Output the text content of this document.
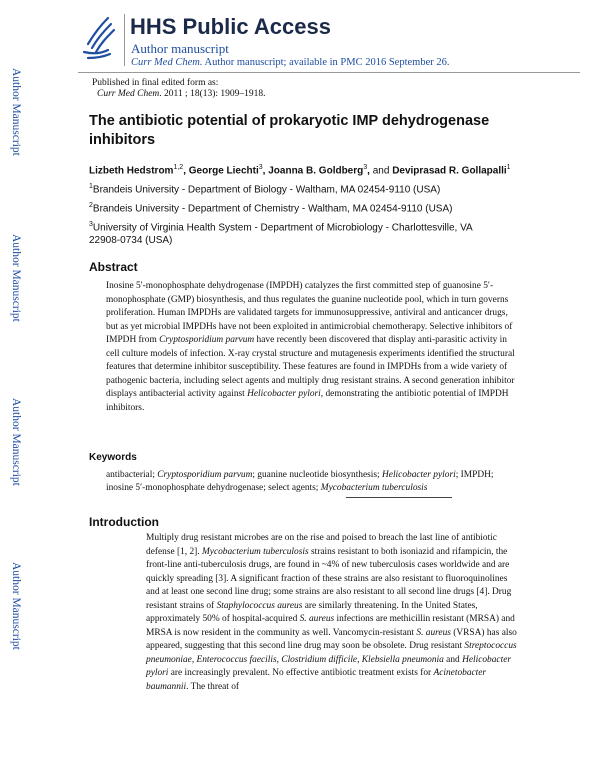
HHS Public Access
Author manuscript
Curr Med Chem. Author manuscript; available in PMC 2016 September 26.
Published in final edited form as:
Curr Med Chem. 2011 ; 18(13): 1909–1918.
Author Manuscript
Author Manuscript
Author Manuscript
Author Manuscript
The antibiotic potential of prokaryotic IMP dehydrogenase inhibitors
Lizbeth Hedstrom$^{1,2}$, George Liechti$^3$, Joanna B. Goldberg$^3$, and Deviprasad R. Gollapalli$^1$
$^1$Brandeis University - Department of Biology - Waltham, MA 02454-9110 (USA)
$^2$Brandeis University - Department of Chemistry - Waltham, MA 02454-9110 (USA)
$^3$University of Virginia Health System - Department of Microbiology - Charlottesville, VA 22908-0734 (USA)
Abstract

Inosine 5′-monophosphate dehydrogenase (IMPDH) catalyzes the first committed step of guanosine 5′-monophosphate (GMP) biosynthesis, and thus regulates the guanine nucleotide pool, which in turn governs proliferation. Human IMPDHs are validated targets for immunosuppressive, antiviral and anticancer drugs, but as yet microbial IMPDHs have not been exploited in antimicrobial chemotherapy. Selective inhibitors of IMPDH from Cryptosporidium parvum have recently been discovered that display anti-parasitic activity in cell culture models of infection. X-ray crystal structure and mutagenesis experiments identified the structural features that determine inhibitor susceptibility. These features are found in IMPDHs from a wide variety of pathogenic bacteria, including select agents and multiply drug resistant strains. A second generation inhibitor displays antibacterial activity against Helicobacter pylori, demonstrating the antibiotic potential of IMPDH inhibitors.

Keywords

antibacterial; Cryptosporidium parvum; guanine nucleotide biosynthesis; Helicobacter pylori; IMPDH; inosine 5′-monophosphate dehydrogenase; select agents; Mycobacterium tuberculosis

Introduction

Multiply drug resistant microbes are on the rise and poised to breach the last line of antibiotic defense [1, 2]. Mycobacterium tuberculosis strains resistant to both isoniazid and rifampicin, the front-line anti-tuberculosis drugs, are found in ~4% of new tuberculosis cases worldwide and are quickly spreading [3]. A significant fraction of these strains are also resistant to fluoroquinolines and at least one second line drug; some strains are also resistant to all second line drugs [4]. Drug resistant strains of Staphylococcus aureus are similarly threatening. In the United States, approximately 50% of hospital-acquired S. aureus infections are methicillin resistant (MRSA) and MRSA is now resident in the community as well. Vancomycin-resistant S. aureus (VRSA) has also appeared, suggesting that this second line drug may soon be obsolete. Drug resistant Streptococcus pneumoniae, Enterococcus faecilis, Clostridium difficile, Klebsiella pneumonia and Helicobacter pylori are increasingly prevalent. No effective antibiotic treatment exists for Acinetobacter baumannii. The threat of
